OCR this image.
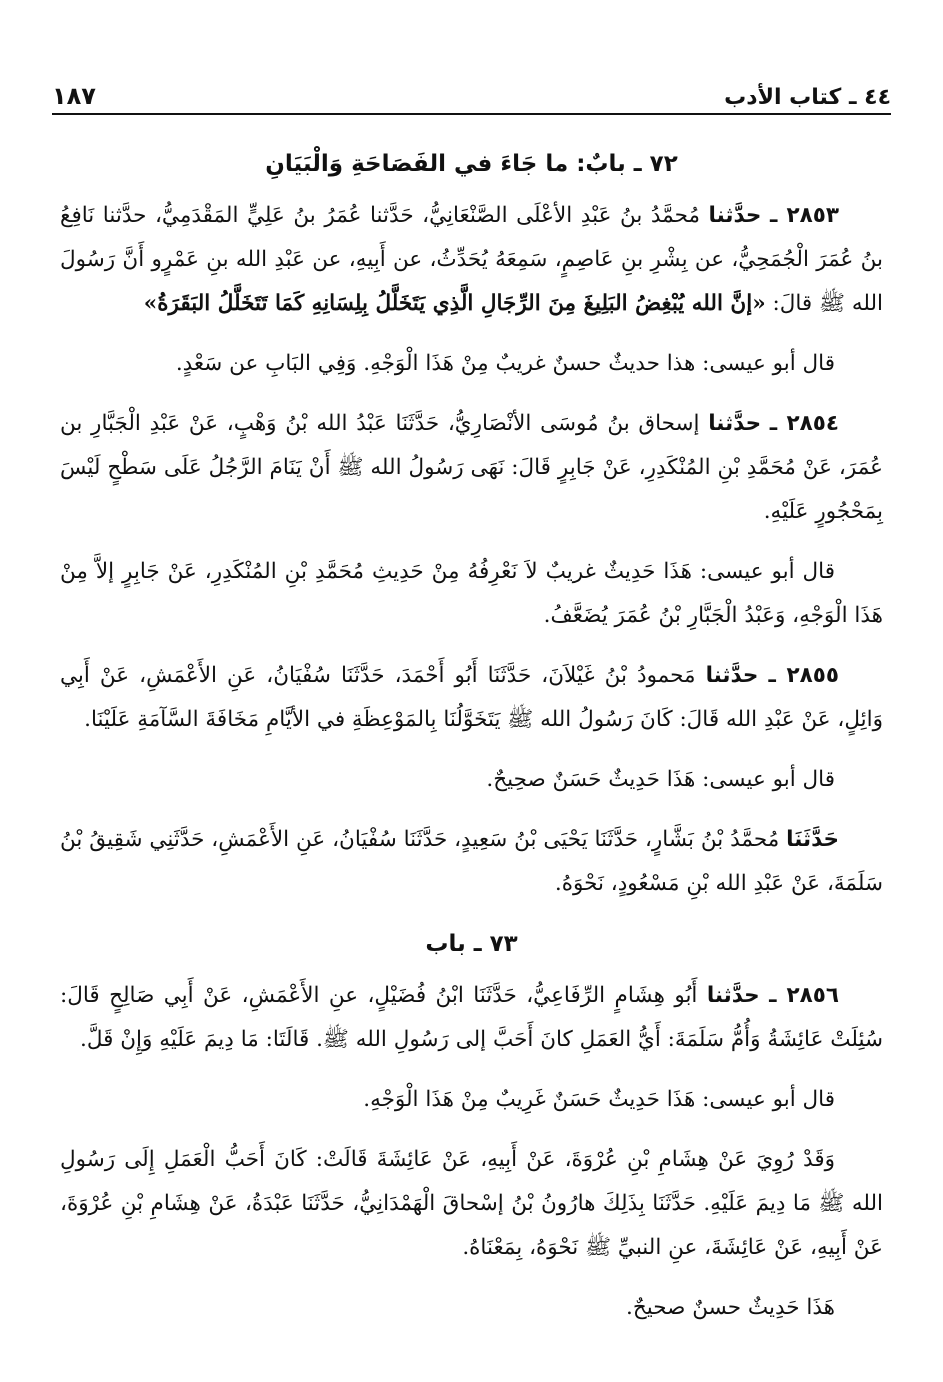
٤٤ ـ كتاب الأدب
١٨٧
٧٢ ـ بابٌ: ما جَاءَ في الفَصَاحَةِ وَالْبَيَانِ

٢٨٥٣ ـ حدَّثنا مُحمَّدُ بنُ عَبْدِ الأعْلَى الصَّنْعَانِيُّ، حَدَّثنا عُمَرُ بنُ عَلِيٍّ المَقْدَمِيُّ، حدَّثنا نَافِعُ بنُ عُمَرَ الْجُمَحِيُّ، عن بِشْرِ بنِ عَاصِمٍ، سَمِعَهُ يُحَدِّثُ، عن أَبِيهِ، عن عَبْدِ الله بنِ عَمْرٍو أَنَّ رَسُولَ الله ﷺ قالَ: «إنَّ الله يُبْغِضُ البَلِيغَ مِنَ الرِّجَالِ الَّذِي يَتَخَلَّلُ بِلِسَانِهِ كَمَا تَتَخَلَّلُ البَقَرَةُ»

قال أبو عيسى: هذا حديثٌ حسنٌ غريبٌ مِنْ هَذَا الْوَجْهِ. وَفِي البَابِ عن سَعْدٍ.

٢٨٥٤ ـ حدَّثنا إسحاق بنُ مُوسَى الأنْصَارِيُّ، حَدَّثَنَا عَبْدُ الله بْنُ وَهْبٍ، عَنْ عَبْدِ الْجَبَّارِ بن عُمَرَ، عَنْ مُحَمَّدِ بْنِ المُنْكَدِرِ، عَنْ جَابِرٍ قَالَ: نَهَى رَسُولُ الله ﷺ أَنْ يَنَامَ الرَّجُلُ عَلَى سَطْحٍ لَيْسَ بِمَحْجُورٍ عَلَيْهِ.

قال أبو عيسى: هَذَا حَدِيثٌ غريبٌ لاَ نَعْرِفُهُ مِنْ حَدِيثِ مُحَمَّدِ بْنِ المُنْكَدِرِ، عَنْ جَابِرٍ إلاَّ مِنْ هَذَا الْوَجْهِ، وَعَبْدُ الْجَبَّارِ بْنُ عُمَرَ يُضَعَّفُ.

٢٨٥٥ ـ حدَّثنا مَحمودُ بْنُ غَيْلاَنَ، حَدَّثَنَا أَبُو أَحْمَدَ، حَدَّثَنَا سُفْيَانُ، عَنِ الأَعْمَشِ، عَنْ أَبِي وَائِلٍ، عَنْ عَبْدِ الله قَالَ: كَانَ رَسُولُ الله ﷺ يَتَخَوَّلُنَا بِالمَوْعِظَةِ في الأيَّامِ مَخَافَةَ السَّآمَةِ عَلَيْنَا.

قال أبو عيسى: هَذَا حَدِيثٌ حَسَنٌ صحِيحٌ.

حَدَّثَنَا مُحمَّدُ بْنُ بَشَّارٍ، حَدَّثَنَا يَحْيَى بْنُ سَعِيدٍ، حَدَّثَنَا سُفْيَانُ، عَنِ الأَعْمَشِ، حَدَّثَنِي شَقِيقُ بْنُ سَلَمَةَ، عَنْ عَبْدِ الله بْنِ مَسْعُودٍ، نَحْوَهُ.

٧٣ ـ باب

٢٨٥٦ ـ حدَّثنا أَبُو هِشَامٍ الرِّفَاعِيُّ، حَدَّثَنَا ابْنُ فُضَيْلٍ، عنِ الأَعْمَشِ، عَنْ أَبِي صَالِحٍ قَالَ: سُئِلَتْ عَائِشَةُ وَأُمُّ سَلَمَةَ: أَيُّ العَمَلِ كانَ أَحَبَّ إلى رَسُولِ الله ﷺ. قَالَتَا: مَا دِيمَ عَلَيْهِ وَإِنْ قَلَّ.

قال أبو عيسى: هَذَا حَدِيثٌ حَسَنٌ غَرِيبٌ مِنْ هَذَا الْوَجْهِ.

وَقَدْ رُوِيَ عَنْ هِشَامِ بْنِ عُرْوَةَ، عَنْ أَبِيهِ، عَنْ عَائِشَةَ قَالَتْ: كَانَ أَحَبُّ الْعَمَلِ إِلَى رَسُولِ الله ﷺ مَا دِيمَ عَلَيْهِ. حَدَّثَنَا بِذَلِكَ هارُونُ بْنُ إسْحاقَ الْهَمْدَانِيُّ، حَدَّثَنَا عَبْدَةُ، عَنْ هِشَامِ بْنِ عُرْوَةَ، عَنْ أَبِيهِ، عَنْ عَائِشَةَ، عنِ النبيِّ ﷺ نَحْوَهُ، بِمَعْنَاهُ.

هَذَا حَدِيثٌ حسنٌ صحيحٌ.
